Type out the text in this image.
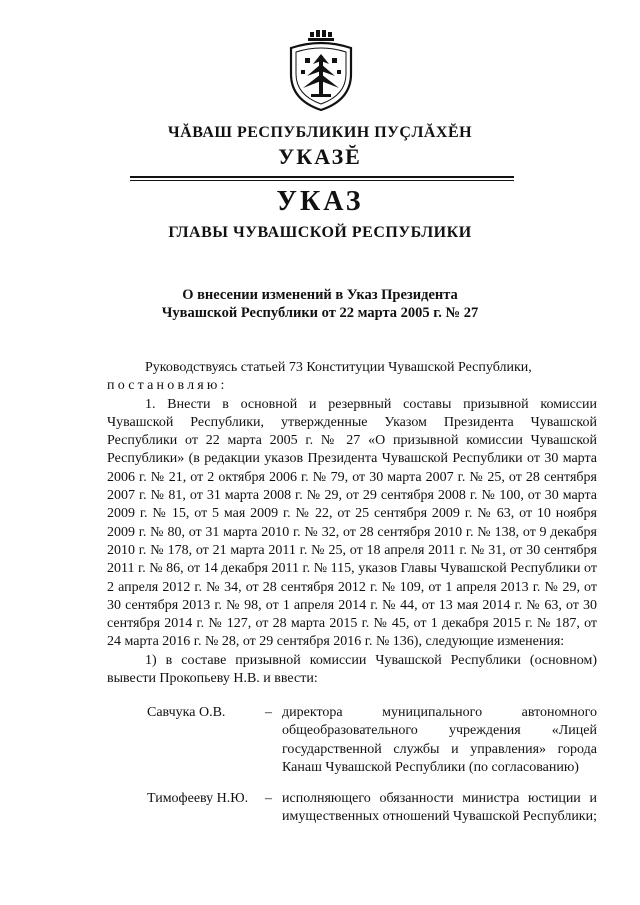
ЧĂВАШ РЕСПУБЛИКИН ПУÇЛĂХĔН
УКАЗĔ
УКАЗ
ГЛАВЫ ЧУВАШСКОЙ РЕСПУБЛИКИ
О внесении изменений в Указ Президента
Чувашской Республики от 22 марта 2005 г. № 27

Руководствуясь статьей 73 Конституции Чувашской Республики,

постановляю:

1. Внести в основной и резервный составы призывной комиссии Чувашской Республики, утвержденные Указом Президента Чувашской Республики от 22 марта 2005 г. № 27 «О призывной комиссии Чувашской Республики» (в редакции указов Президента Чувашской Республики от 30 марта 2006 г. № 21, от 2 октября 2006 г. № 79, от 30 марта 2007 г. № 25, от 28 сентября 2007 г. № 81, от 31 марта 2008 г. № 29, от 29 сентября 2008 г. № 100, от 30 марта 2009 г. № 15, от 5 мая 2009 г. № 22, от 25 сентября 2009 г. № 63, от 10 ноября 2009 г. № 80, от 31 марта 2010 г. № 32, от 28 сентября 2010 г. № 138, от 9 декабря 2010 г. № 178, от 21 марта 2011 г. № 25, от 18 апреля 2011 г. № 31, от 30 сентября 2011 г. № 86, от 14 декабря 2011 г. № 115, указов Главы Чувашской Республики от 2 апреля 2012 г. № 34, от 28 сентября 2012 г. № 109, от 1 апреля 2013 г. № 29, от 30 сентября 2013 г. № 98, от 1 апреля 2014 г. № 44, от 13 мая 2014 г. № 63, от 30 сентября 2014 г. № 127, от 28 марта 2015 г. № 45, от 1 декабря 2015 г. № 187, от 24 марта 2016 г. № 28, от 29 сентября 2016 г. № 136), следующие изменения:

1) в составе призывной комиссии Чувашской Республики (основном) вывести Прокопьеву Н.В. и ввести:

Савчука О.В.	– директора муниципального автономного общеобразовательного учреждения «Лицей государственной службы и управления» города Канаш Чувашской Республики (по согласованию)
Тимофееву Н.Ю. – исполняющего обязанности министра юстиции и имущественных отношений Чувашской Республики;
